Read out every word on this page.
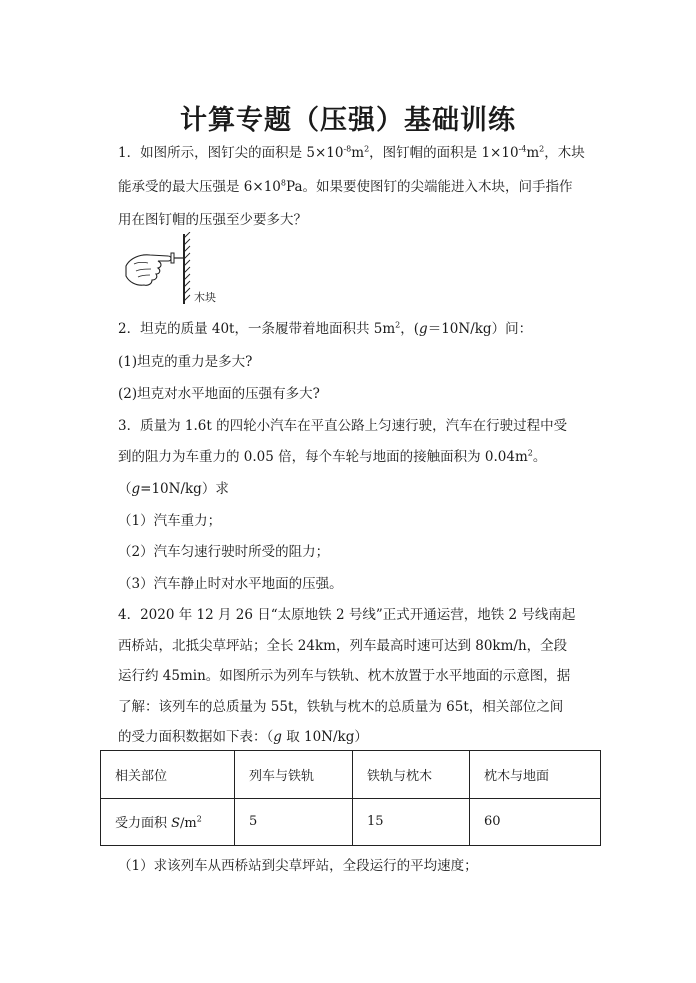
计算专题（压强）基础训练
1．如图所示，图钉尖的面积是 $5\times 10^{-8}m^2$，图钉帽的面积是 $1\times 10^{-4}m^2$，木块
能承受的最大压强是 $6\times 10^8Pa$。如果要使图钉的尖端能进入木块，问手指作
用在图钉帽的压强至少要多大？
木块
2．坦克的质量 40t，一条履带着地面积共 $5m^2$，(g＝10N/kg）问：
(1)坦克的重力是多大?
(2)坦克对水平地面的压强有多大?
3．质量为 1.6t 的四轮小汽车在平直公路上匀速行驶，汽车在行驶过程中受
到的阻力为车重力的 0.05 倍，每个车轮与地面的接触面积为 $0.04m^2$。
（g=10N/kg）求
（1）汽车重力；
（2）汽车匀速行驶时所受的阻力；
（3）汽车静止时对水平地面的压强。
4．2020 年 12 月 26 日“太原地铁 2 号线”正式开通运营，地铁 2 号线南起
西桥站，北抵尖草坪站；全长 24km，列车最高时速可达到 80km/h，全段
运行约 45min。如图所示为列车与铁轨、枕木放置于水平地面的示意图，据
了解：该列车的总质量为 55t，铁轨与枕木的总质量为 65t，相关部位之间
的受力面积数据如下表：（g 取 10N/kg）
相关部位	列车与铁轨	铁轨与枕木	枕木与地面
受力面积 $S/m^2$	5	15	60
（1）求该列车从西桥站到尖草坪站，全段运行的平均速度；
